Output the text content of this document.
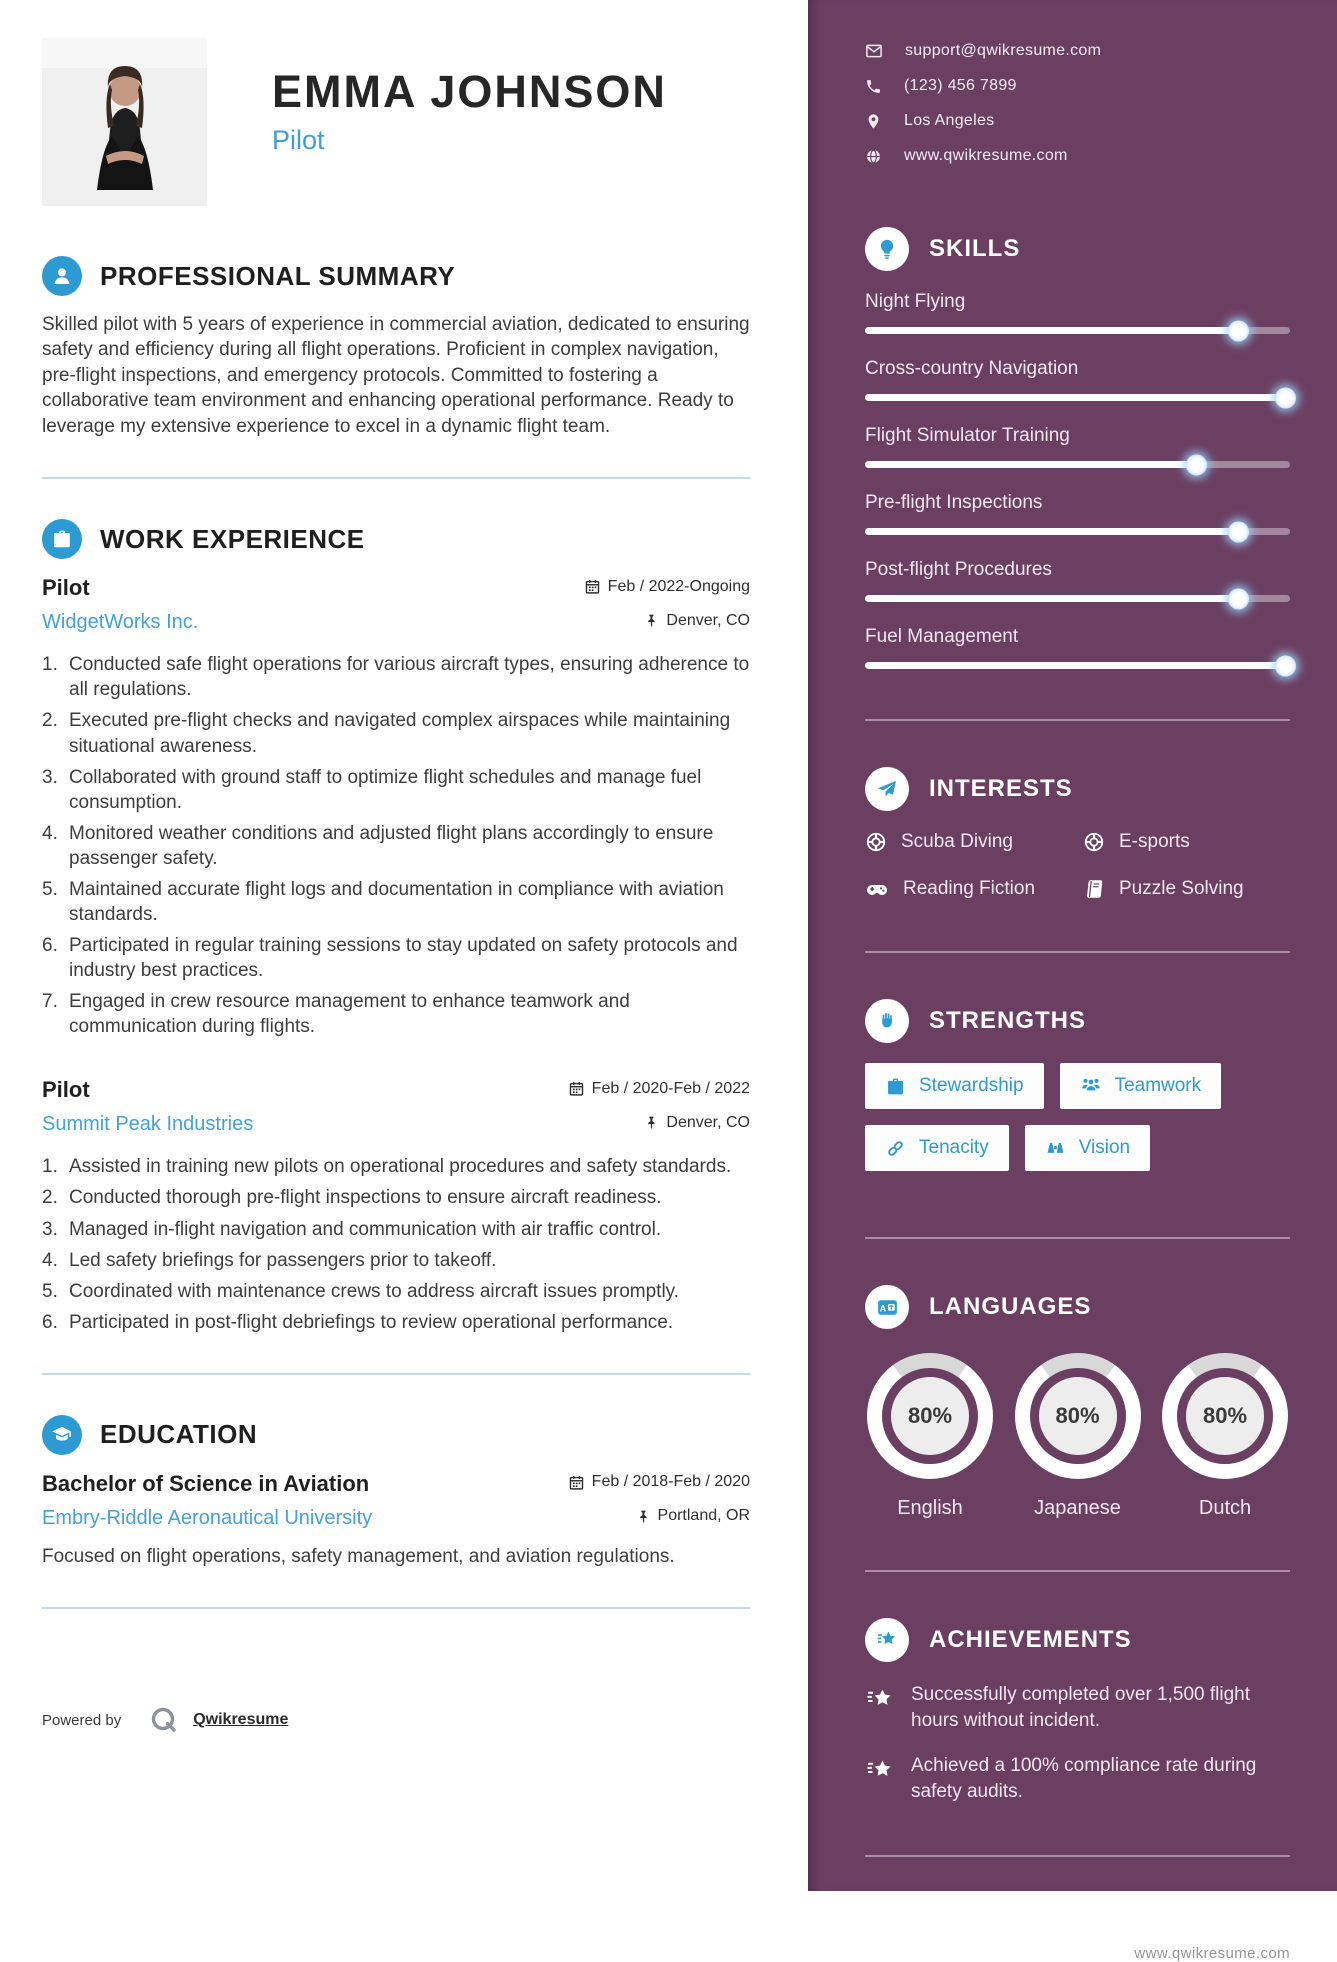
EMMA JOHNSON
Pilot
PROFESSIONAL SUMMARY

Skilled pilot with 5 years of experience in commercial aviation, dedicated to ensuring safety and efficiency during all flight operations. Proficient in complex navigation, pre-flight inspections, and emergency protocols. Committed to fostering a collaborative team environment and enhancing operational performance. Ready to leverage my extensive experience to excel in a dynamic flight team.

WORK EXPERIENCE
Pilot	Feb / 2022-Ongoing
WidgetWorks Inc.	Denver, CO
Conducted safe flight operations for various aircraft types, ensuring adherence to all regulations.
Executed pre-flight checks and navigated complex airspaces while maintaining situational awareness.
Collaborated with ground staff to optimize flight schedules and manage fuel consumption.
Monitored weather conditions and adjusted flight plans accordingly to ensure passenger safety.
Maintained accurate flight logs and documentation in compliance with aviation standards.
Participated in regular training sessions to stay updated on safety protocols and industry best practices.
Engaged in crew resource management to enhance teamwork and communication during flights.
Pilot	Feb / 2020-Feb / 2022
Summit Peak Industries	Denver, CO
Assisted in training new pilots on operational procedures and safety standards.
Conducted thorough pre-flight inspections to ensure aircraft readiness.
Managed in-flight navigation and communication with air traffic control.
Led safety briefings for passengers prior to takeoff.
Coordinated with maintenance crews to address aircraft issues promptly.
Participated in post-flight debriefings to review operational performance.
EDUCATION
Bachelor of Science in Aviation	Feb / 2018-Feb / 2020
Embry-Riddle Aeronautical University	Portland, OR

Focused on flight operations, safety management, and aviation regulations.

Powered by	Qwikresume
support@qwikresume.com
(123) 456 7899
Los Angeles
www.qwikresume.com
SKILLS
Night Flying
Cross-country Navigation
Flight Simulator Training
Pre-flight Inspections
Post-flight Procedures
Fuel Management
INTERESTS
Scuba Diving	E-sports
Reading Fiction	Puzzle Solving
STRENGTHS
Stewardship	Teamwork
Tenacity	Vision
A LANGUAGES
80%
English
80%
Japanese
80%
Dutch
ACHIEVEMENTS
Successfully completed over 1,500 flight hours without incident.
Achieved a 100% compliance rate during safety audits.
www.qwikresume.com
